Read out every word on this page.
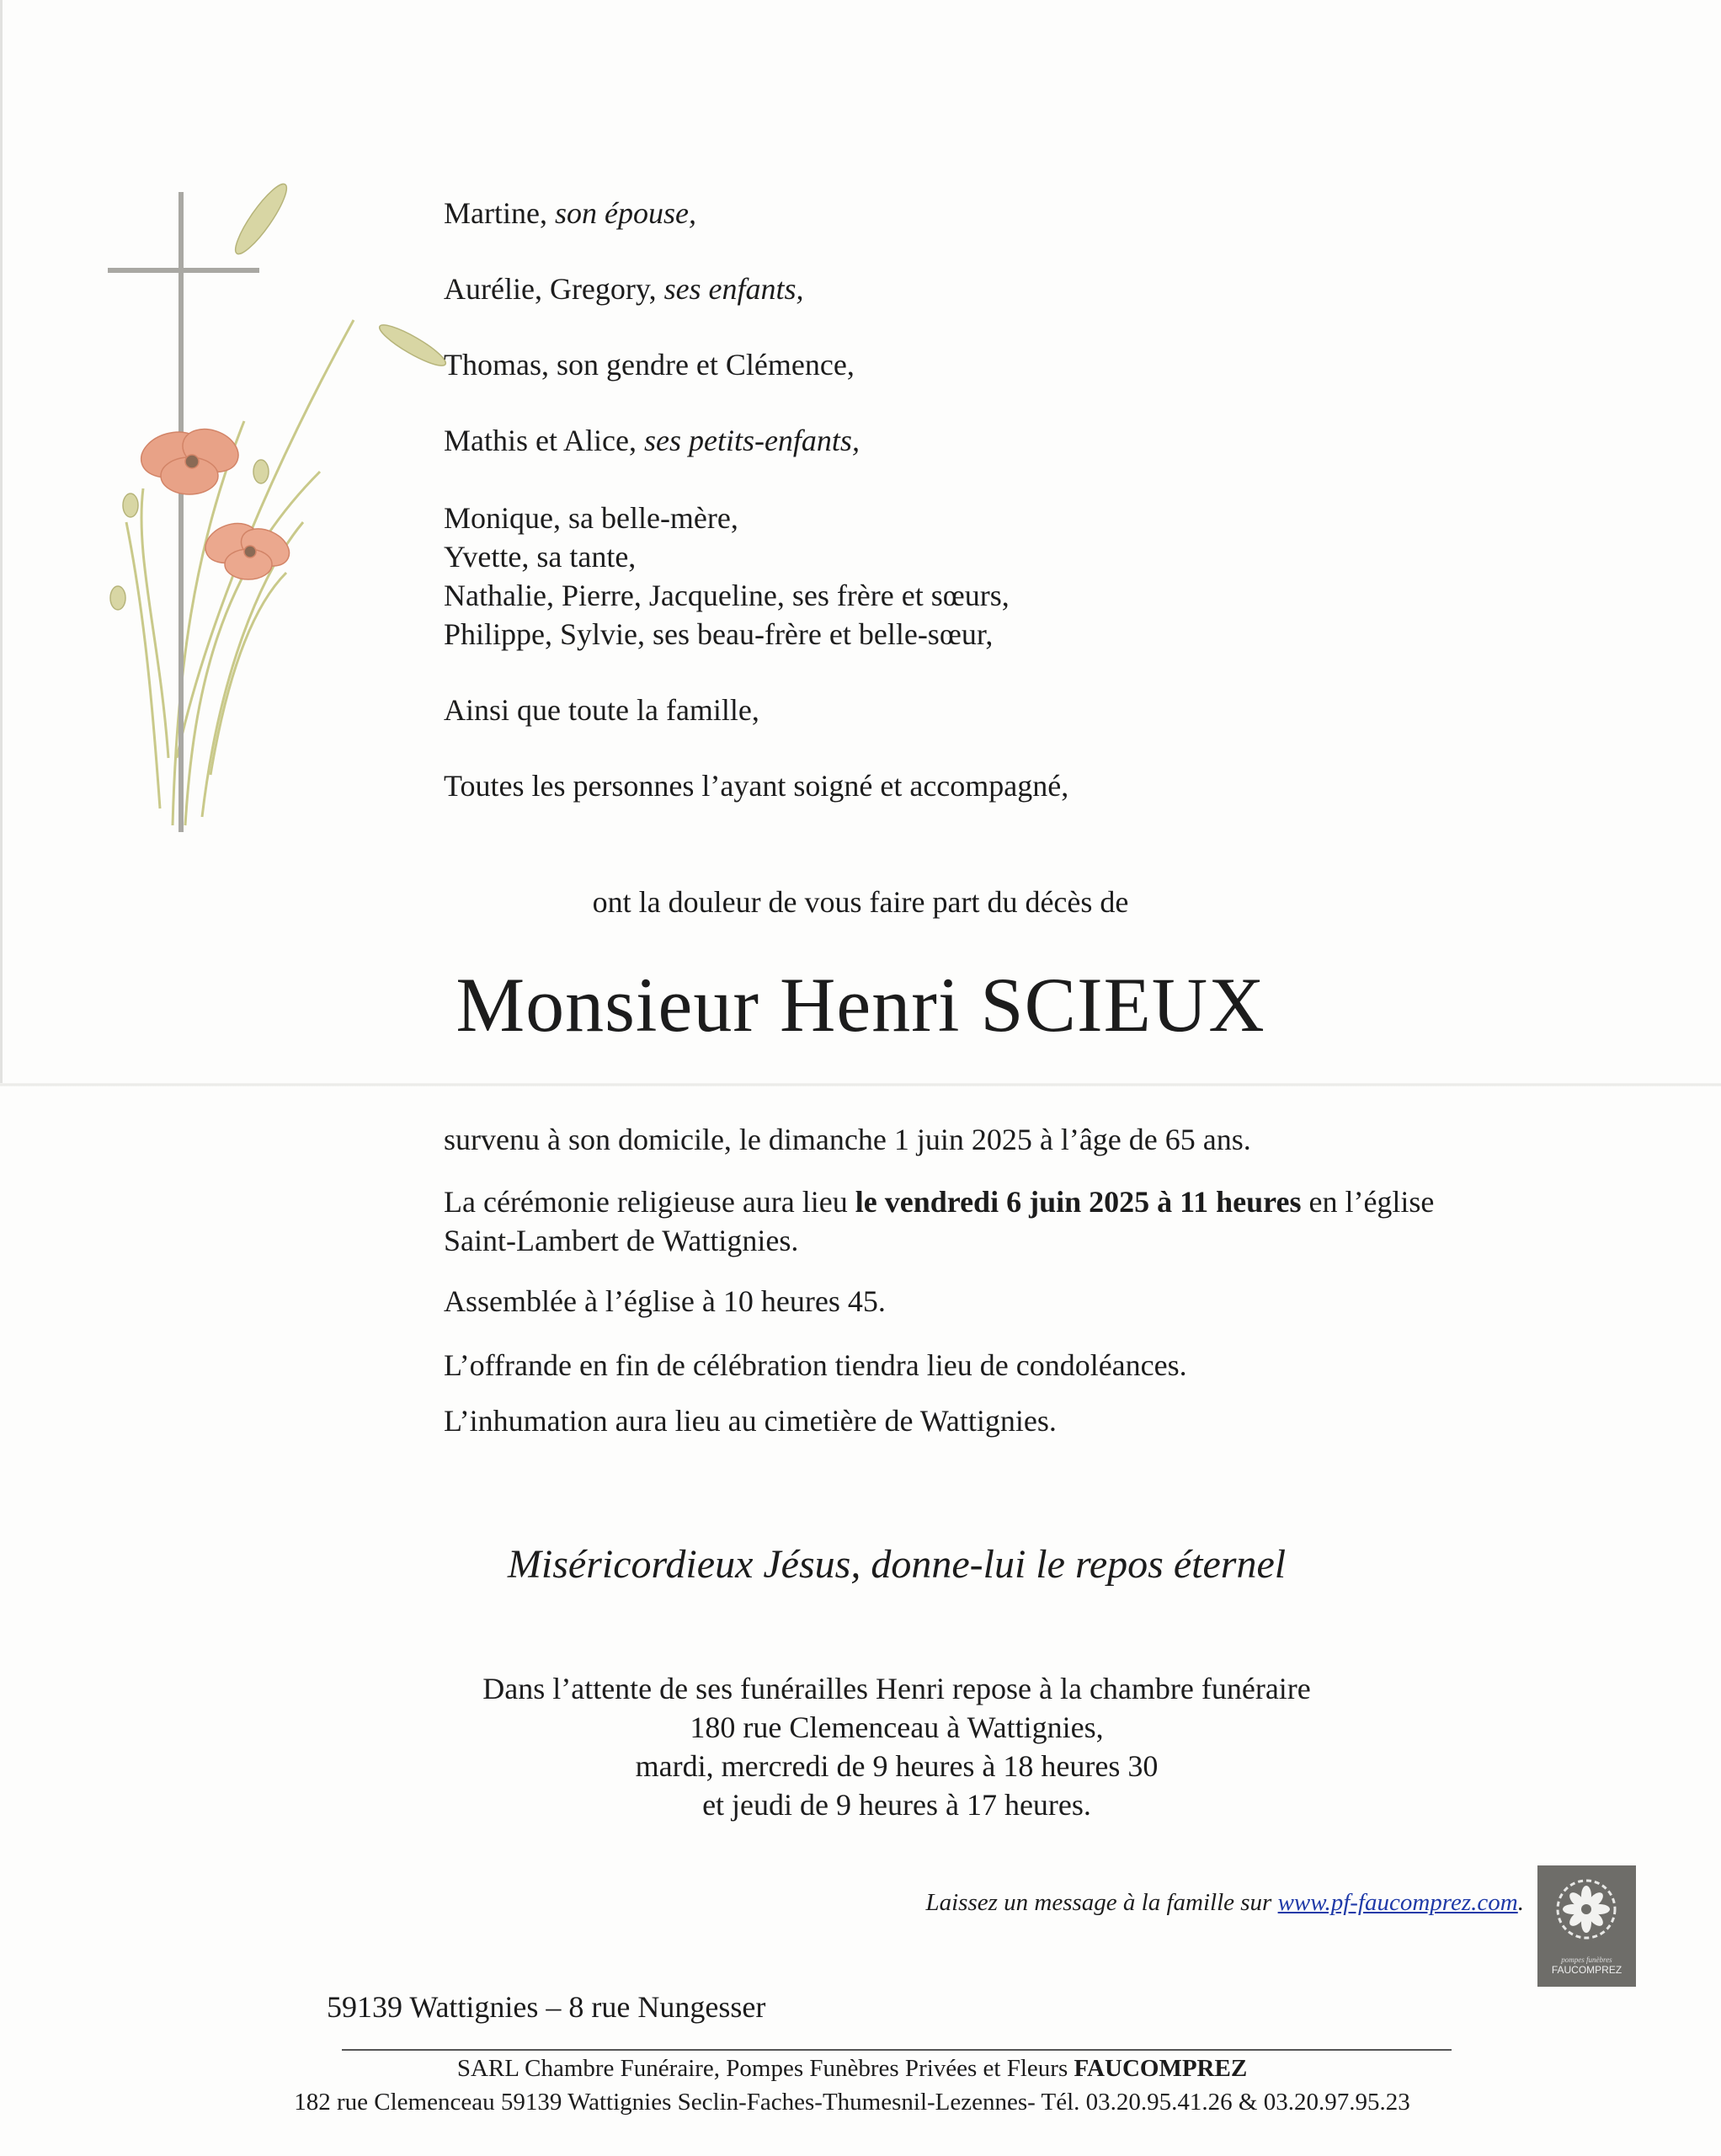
Martine, son épouse,
Aurélie, Gregory, ses enfants,
Thomas, son gendre et Clémence,
Mathis et Alice, ses petits-enfants,
Monique, sa belle-mère,
Yvette, sa tante,
Nathalie, Pierre, Jacqueline, ses frère et sœurs,
Philippe, Sylvie, ses beau-frère et belle-sœur,
Ainsi que toute la famille,
Toutes les personnes l’ayant soigné et accompagné,
ont la douleur de vous faire part du décès de
Monsieur Henri SCIEUX
survenu à son domicile, le dimanche 1 juin 2025 à l’âge de 65 ans.
La cérémonie religieuse aura lieu le vendredi 6 juin 2025 à 11 heures en l’église
Saint-Lambert de Wattignies.
Assemblée à l’église à 10 heures 45.
L’offrande en fin de célébration tiendra lieu de condoléances.
L’inhumation aura lieu au cimetière de Wattignies.
Miséricordieux Jésus, donne-lui le repos éternel
Dans l’attente de ses funérailles Henri repose à la chambre funéraire
180 rue Clemenceau à Wattignies,
mardi, mercredi de 9 heures à 18 heures 30
et jeudi de 9 heures à 17 heures.
Laissez un message à la famille sur www.pf-faucomprez.com.
pompes funèbres
FAUCOMPREZ
59139 Wattignies – 8 rue Nungesser
SARL Chambre Funéraire, Pompes Funèbres Privées et Fleurs FAUCOMPREZ
182 rue Clemenceau 59139 Wattignies Seclin-Faches-Thumesnil-Lezennes- Tél. 03.20.95.41.26 & 03.20.97.95.23
